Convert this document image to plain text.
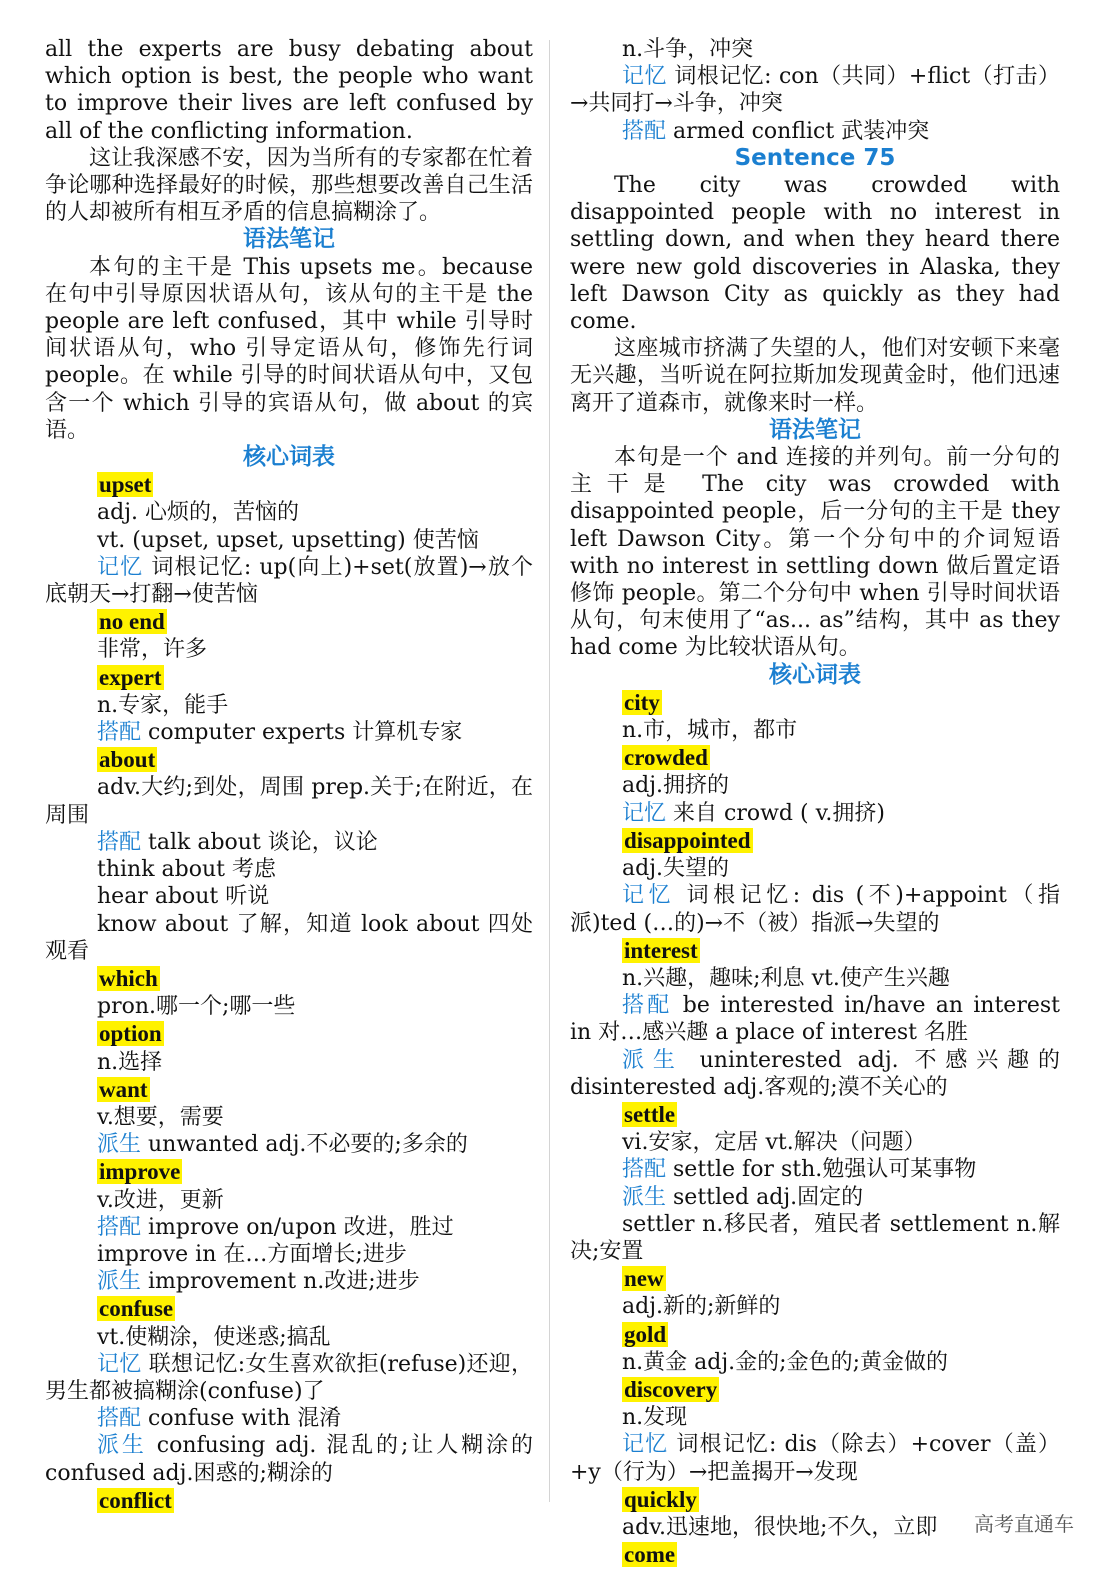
all the experts are busy debating about which option is best, the people who want to improve their lives are left confused by all of the conflicting information.

这让我深感不安，因为当所有的专家都在忙着争论哪种选择最好的时候，那些想要改善自己生活的人却被所有相互矛盾的信息搞糊涂了。

语法笔记

本句的主干是 This upsets me。because 在句中引导原因状语从句，该从句的主干是 the people are left confused，其中 while 引导时间状语从句，who 引导定语从句，修饰先行词 people。在 while 引导的时间状语从句中，又包含一个 which 引导的宾语从句，做 about 的宾语。

核心词表
upset
adj. 心烦的，苦恼的
vt. (upset, upset, upsetting) 使苦恼

记忆 词根记忆: up(向上)+set(放置)→放个底朝天→打翻→使苦恼

no end
非常，许多
expert
n.专家，能手
搭配 computer experts 计算机专家
about

adv.大约;到处，周围 prep.关于;在附近，在周围

搭配 talk about 谈论，议论
think about 考虑
hear about 听说

know about 了解，知道 look about 四处观看

which
pron.哪一个;哪一些
option
n.选择
want
v.想要，需要
派生 unwanted adj.不必要的;多余的
improve
v.改进，更新
搭配 improve on/upon 改进，胜过
improve in 在…方面增长;进步
派生 improvement n.改进;进步
confuse
vt.使糊涂，使迷惑;搞乱

记忆 联想记忆:女生喜欢欲拒(refuse)还迎，男生都被搞糊涂(confuse)了

搭配 confuse with 混淆

派生 confusing adj. 混乱的;让人糊涂的 confused adj.困惑的;糊涂的

conflict
n.斗争，冲突

记忆 词根记忆: con（共同）+flict（打击）→共同打→斗争，冲突

搭配 armed conflict 武装冲突
Sentence 75

The city was crowded with disappointed people with no interest in settling down, and when they heard there were new gold discoveries in Alaska, they left Dawson City as quickly as they had come.

这座城市挤满了失望的人，他们对安顿下来毫无兴趣，当听说在阿拉斯加发现黄金时，他们迅速离开了道森市，就像来时一样。

语法笔记

本句是一个 and 连接的并列句。前一分句的主干是 The city was crowded with disappointed people，后一分句的主干是 they left Dawson City。第一个分句中的介词短语 with no interest in settling down 做后置定语修饰 people。第二个分句中 when 引导时间状语从句，句末使用了“as... as”结构，其中 as they had come 为比较状语从句。

核心词表
city
n.市，城市，都市
crowded
adj.拥挤的
记忆 来自 crowd ( v.拥挤)
disappointed
adj.失望的

记忆 词根记忆: dis (不)+appoint（指派)ted (…的)→不（被）指派→失望的

interest
n.兴趣，趣味;利息 vt.使产生兴趣

搭配 be interested in/have an interest in 对…感兴趣 a place of interest 名胜

派生 uninterested adj. 不感兴趣的 disinterested adj.客观的;漠不关心的

settle
vi.安家，定居 vt.解决（问题）
搭配 settle for sth.勉强认可某事物
派生 settled adj.固定的

settler n.移民者，殖民者 settlement n.解决;安置

new
adj.新的;新鲜的
gold
n.黄金 adj.金的;金色的;黄金做的
discovery
n.发现

记忆 词根记忆: dis（除去）+cover（盖）+y（行为）→把盖揭开→发现

quickly
adv.迅速地，很快地;不久，立即
come
高考直通车
